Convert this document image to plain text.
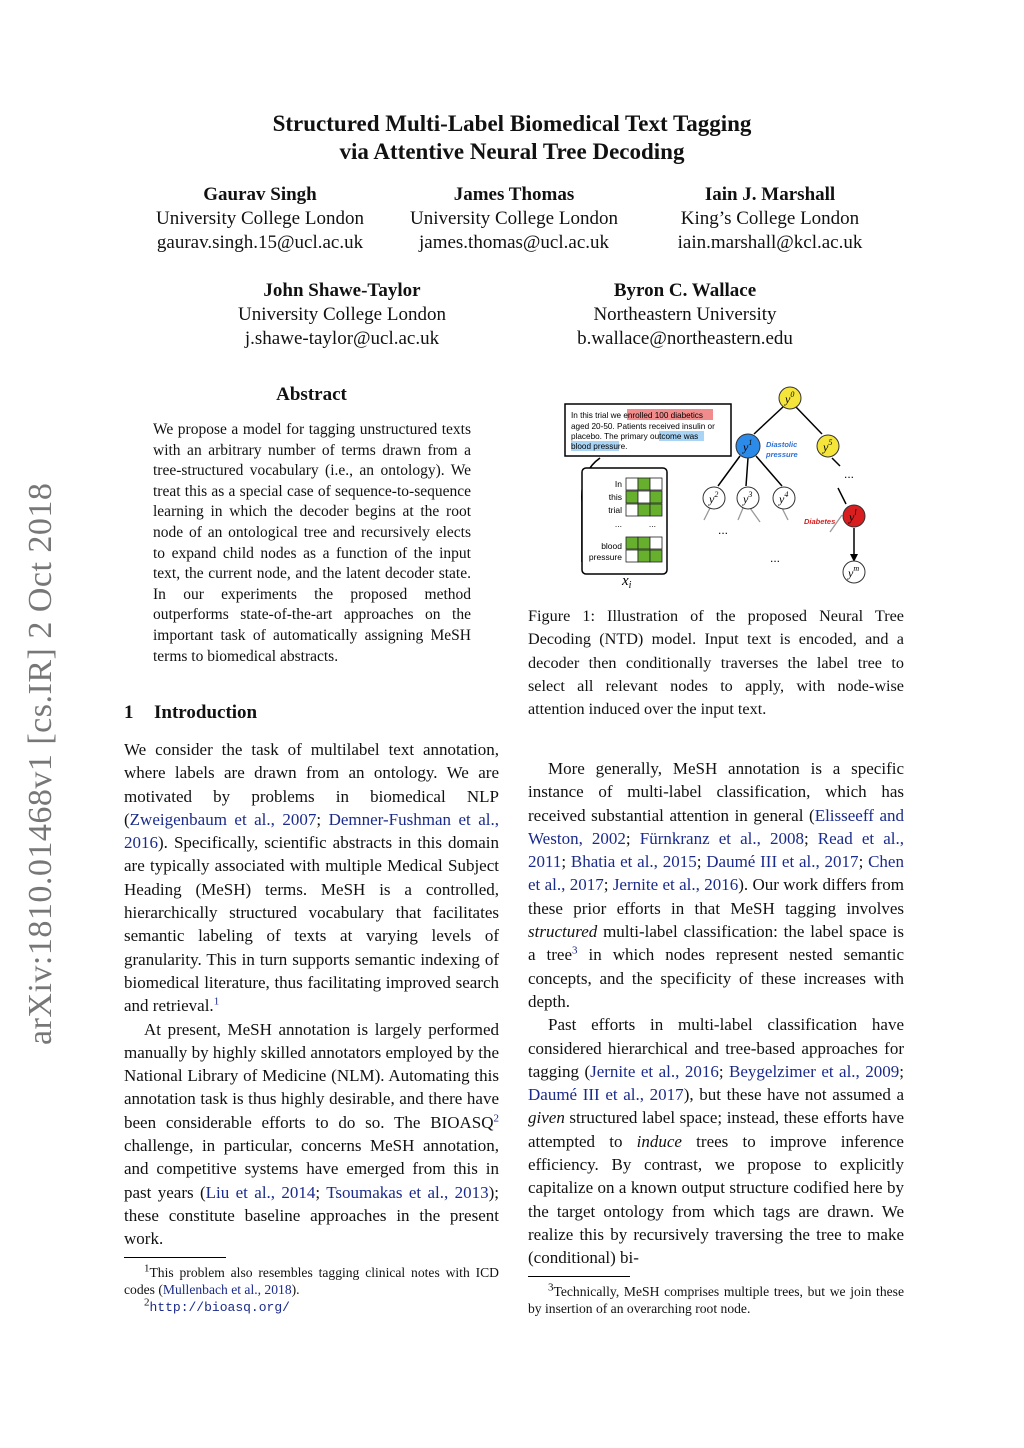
Structured Multi-Label Biomedical Text Tagging
via Attentive Neural Tree Decoding
Gaurav Singh
University College London
gaurav.singh.15@ucl.ac.uk
James Thomas
University College London
james.thomas@ucl.ac.uk
Iain J. Marshall
King’s College London
iain.marshall@kcl.ac.uk
John Shawe-Taylor
University College London
j.shawe-taylor@ucl.ac.uk
Byron C. Wallace
Northeastern University
b.wallace@northeastern.edu
arXiv:1810.01468v1 [cs.IR] 2 Oct 2018
Abstract
We propose a model for tagging unstructured texts with an arbitrary number of terms drawn from a tree-structured vocabulary (i.e., an ontology). We treat this as a special case of sequence-to-sequence learning in which the decoder begins at the root node of an ontological tree and recursively elects to expand child nodes as a function of the input text, the current node, and the latent decoder state. In our experiments the proposed method outperforms state-of-the-art approaches on the important task of automatically assigning MeSH terms to biomedical abstracts.
1 Introduction

We consider the task of multilabel text annotation, where labels are drawn from an ontology. We are motivated by problems in biomedical NLP (Zweigenbaum et al., 2007; Demner-Fushman et al., 2016). Specifically, scientific abstracts in this domain are typically associated with multiple Medical Subject Heading (MeSH) terms. MeSH is a controlled, hierarchically structured vocabulary that facilitates semantic labeling of texts at varying levels of granularity. This in turn supports semantic indexing of biomedical literature, thus facilitating improved search and retrieval.$^1$

At present, MeSH annotation is largely performed manually by highly skilled annotators employed by the National Library of Medicine (NLM). Automating this annotation task is thus highly desirable, and there have been considerable efforts to do so. The BIOASQ$^2$ challenge, in particular, concerns MeSH annotation, and competitive systems have emerged from this in past years (Liu et al., 2014; Tsoumakas et al., 2013); these constitute baseline approaches in the present work.

$^1$This problem also resembles tagging clinical notes with ICD codes (Mullenbach et al., 2018).
$^2$http://bioasq.org/
In this trial we enrolled 100 diabetics
aged 20-50. Patients received insulin or
placebo. The primary outcome was
blood pressure.
In
this
trial
...	...
blood
pressure
$x_i$
$y^0$
$y^1$ Diastolic
pressure
$y^5$
...
$y^2$ $y^3$ $y^4$
...
...
$y^l$
Diabetes
$y^m$
Figure 1: Illustration of the proposed Neural Tree Decoding (NTD) model. Input text is encoded, and a decoder then conditionally traverses the label tree to select all relevant nodes to apply, with node-wise attention induced over the input text.

More generally, MeSH annotation is a specific instance of multi-label classification, which has received substantial attention in general (Elisseeff and Weston, 2002; Fürnkranz et al., 2008; Read et al., 2011; Bhatia et al., 2015; Daumé III et al., 2017; Chen et al., 2017; Jernite et al., 2016). Our work differs from these prior efforts in that MeSH tagging involves structured multi-label classification: the label space is a tree$^3$ in which nodes represent nested semantic concepts, and the specificity of these increases with depth.

Past efforts in multi-label classification have considered hierarchical and tree-based approaches for tagging (Jernite et al., 2016; Beygelzimer et al., 2009; Daumé III et al., 2017), but these have not assumed a given structured label space; instead, these efforts have attempted to induce trees to improve inference efficiency. By contrast, we propose to explicitly capitalize on a known output structure codified here by the target ontology from which tags are drawn. We realize this by recursively traversing the tree to make (conditional) bi-

$^3$Technically, MeSH comprises multiple trees, but we join these by insertion of an overarching root node.
